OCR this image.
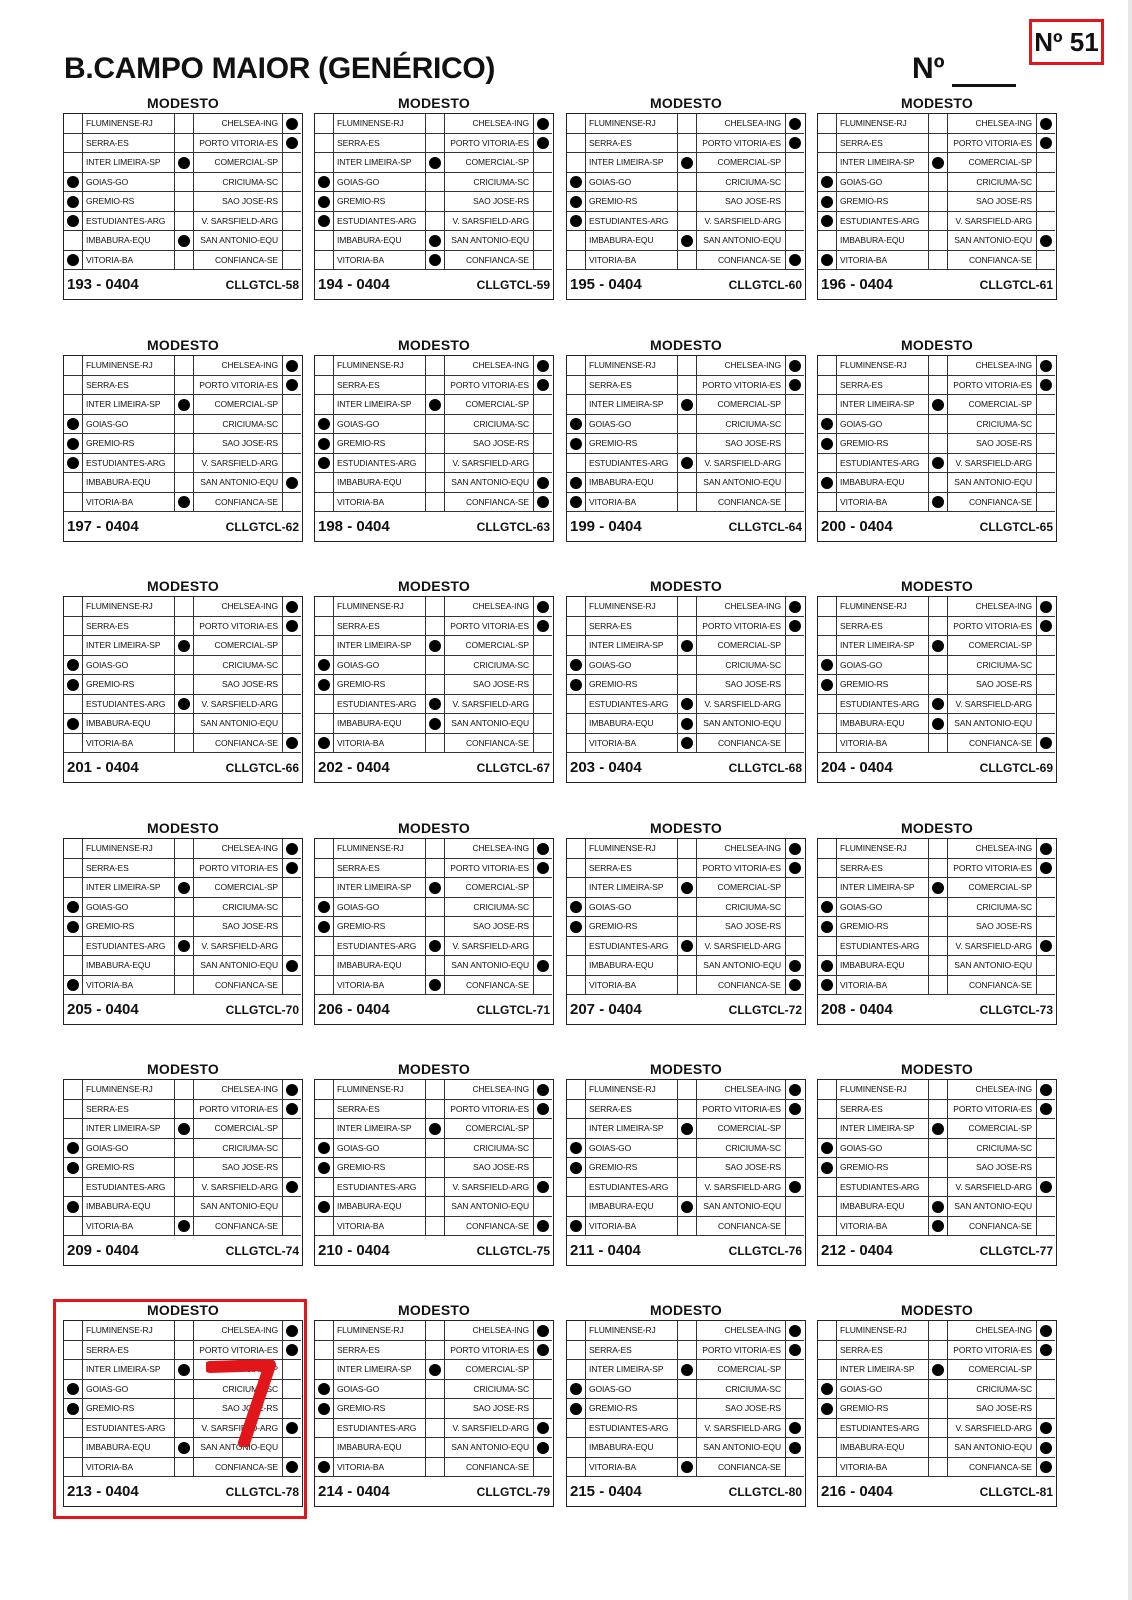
B.CAMPO MAIOR (GENÉRICO)	Nº
Nº 51
MODESTO
FLUMINENSE-RJ	CHELSEA-ING
SERRA-ES	PORTO VITORIA-ES
INTER LIMEIRA-SP	COMERCIAL-SP
GOIAS-GO	CRICIUMA-SC
GREMIO-RS	SAO JOSE-RS
ESTUDIANTES-ARG	V. SARSFIELD-ARG
IMBABURA-EQU	SAN ANTONIO-EQU
VITORIA-BA	CONFIANCA-SE
193 - 0404	CLLGTCL-58
MODESTO
FLUMINENSE-RJ	CHELSEA-ING
SERRA-ES	PORTO VITORIA-ES
INTER LIMEIRA-SP	COMERCIAL-SP
GOIAS-GO	CRICIUMA-SC
GREMIO-RS	SAO JOSE-RS
ESTUDIANTES-ARG	V. SARSFIELD-ARG
IMBABURA-EQU	SAN ANTONIO-EQU
VITORIA-BA	CONFIANCA-SE
194 - 0404	CLLGTCL-59
MODESTO
FLUMINENSE-RJ	CHELSEA-ING
SERRA-ES	PORTO VITORIA-ES
INTER LIMEIRA-SP	COMERCIAL-SP
GOIAS-GO	CRICIUMA-SC
GREMIO-RS	SAO JOSE-RS
ESTUDIANTES-ARG	V. SARSFIELD-ARG
IMBABURA-EQU	SAN ANTONIO-EQU
VITORIA-BA	CONFIANCA-SE
195 - 0404	CLLGTCL-60
MODESTO
FLUMINENSE-RJ	CHELSEA-ING
SERRA-ES	PORTO VITORIA-ES
INTER LIMEIRA-SP	COMERCIAL-SP
GOIAS-GO	CRICIUMA-SC
GREMIO-RS	SAO JOSE-RS
ESTUDIANTES-ARG	V. SARSFIELD-ARG
IMBABURA-EQU	SAN ANTONIO-EQU
VITORIA-BA	CONFIANCA-SE
196 - 0404	CLLGTCL-61
MODESTO
FLUMINENSE-RJ	CHELSEA-ING
SERRA-ES	PORTO VITORIA-ES
INTER LIMEIRA-SP	COMERCIAL-SP
GOIAS-GO	CRICIUMA-SC
GREMIO-RS	SAO JOSE-RS
ESTUDIANTES-ARG	V. SARSFIELD-ARG
IMBABURA-EQU	SAN ANTONIO-EQU
VITORIA-BA	CONFIANCA-SE
197 - 0404	CLLGTCL-62
MODESTO
FLUMINENSE-RJ	CHELSEA-ING
SERRA-ES	PORTO VITORIA-ES
INTER LIMEIRA-SP	COMERCIAL-SP
GOIAS-GO	CRICIUMA-SC
GREMIO-RS	SAO JOSE-RS
ESTUDIANTES-ARG	V. SARSFIELD-ARG
IMBABURA-EQU	SAN ANTONIO-EQU
VITORIA-BA	CONFIANCA-SE
198 - 0404	CLLGTCL-63
MODESTO
FLUMINENSE-RJ	CHELSEA-ING
SERRA-ES	PORTO VITORIA-ES
INTER LIMEIRA-SP	COMERCIAL-SP
GOIAS-GO	CRICIUMA-SC
GREMIO-RS	SAO JOSE-RS
ESTUDIANTES-ARG	V. SARSFIELD-ARG
IMBABURA-EQU	SAN ANTONIO-EQU
VITORIA-BA	CONFIANCA-SE
199 - 0404	CLLGTCL-64
MODESTO
FLUMINENSE-RJ	CHELSEA-ING
SERRA-ES	PORTO VITORIA-ES
INTER LIMEIRA-SP	COMERCIAL-SP
GOIAS-GO	CRICIUMA-SC
GREMIO-RS	SAO JOSE-RS
ESTUDIANTES-ARG	V. SARSFIELD-ARG
IMBABURA-EQU	SAN ANTONIO-EQU
VITORIA-BA	CONFIANCA-SE
200 - 0404	CLLGTCL-65
MODESTO
FLUMINENSE-RJ	CHELSEA-ING
SERRA-ES	PORTO VITORIA-ES
INTER LIMEIRA-SP	COMERCIAL-SP
GOIAS-GO	CRICIUMA-SC
GREMIO-RS	SAO JOSE-RS
ESTUDIANTES-ARG	V. SARSFIELD-ARG
IMBABURA-EQU	SAN ANTONIO-EQU
VITORIA-BA	CONFIANCA-SE
201 - 0404	CLLGTCL-66
MODESTO
FLUMINENSE-RJ	CHELSEA-ING
SERRA-ES	PORTO VITORIA-ES
INTER LIMEIRA-SP	COMERCIAL-SP
GOIAS-GO	CRICIUMA-SC
GREMIO-RS	SAO JOSE-RS
ESTUDIANTES-ARG	V. SARSFIELD-ARG
IMBABURA-EQU	SAN ANTONIO-EQU
VITORIA-BA	CONFIANCA-SE
202 - 0404	CLLGTCL-67
MODESTO
FLUMINENSE-RJ	CHELSEA-ING
SERRA-ES	PORTO VITORIA-ES
INTER LIMEIRA-SP	COMERCIAL-SP
GOIAS-GO	CRICIUMA-SC
GREMIO-RS	SAO JOSE-RS
ESTUDIANTES-ARG	V. SARSFIELD-ARG
IMBABURA-EQU	SAN ANTONIO-EQU
VITORIA-BA	CONFIANCA-SE
203 - 0404	CLLGTCL-68
MODESTO
FLUMINENSE-RJ	CHELSEA-ING
SERRA-ES	PORTO VITORIA-ES
INTER LIMEIRA-SP	COMERCIAL-SP
GOIAS-GO	CRICIUMA-SC
GREMIO-RS	SAO JOSE-RS
ESTUDIANTES-ARG	V. SARSFIELD-ARG
IMBABURA-EQU	SAN ANTONIO-EQU
VITORIA-BA	CONFIANCA-SE
204 - 0404	CLLGTCL-69
MODESTO
FLUMINENSE-RJ	CHELSEA-ING
SERRA-ES	PORTO VITORIA-ES
INTER LIMEIRA-SP	COMERCIAL-SP
GOIAS-GO	CRICIUMA-SC
GREMIO-RS	SAO JOSE-RS
ESTUDIANTES-ARG	V. SARSFIELD-ARG
IMBABURA-EQU	SAN ANTONIO-EQU
VITORIA-BA	CONFIANCA-SE
205 - 0404	CLLGTCL-70
MODESTO
FLUMINENSE-RJ	CHELSEA-ING
SERRA-ES	PORTO VITORIA-ES
INTER LIMEIRA-SP	COMERCIAL-SP
GOIAS-GO	CRICIUMA-SC
GREMIO-RS	SAO JOSE-RS
ESTUDIANTES-ARG	V. SARSFIELD-ARG
IMBABURA-EQU	SAN ANTONIO-EQU
VITORIA-BA	CONFIANCA-SE
206 - 0404	CLLGTCL-71
MODESTO
FLUMINENSE-RJ	CHELSEA-ING
SERRA-ES	PORTO VITORIA-ES
INTER LIMEIRA-SP	COMERCIAL-SP
GOIAS-GO	CRICIUMA-SC
GREMIO-RS	SAO JOSE-RS
ESTUDIANTES-ARG	V. SARSFIELD-ARG
IMBABURA-EQU	SAN ANTONIO-EQU
VITORIA-BA	CONFIANCA-SE
207 - 0404	CLLGTCL-72
MODESTO
FLUMINENSE-RJ	CHELSEA-ING
SERRA-ES	PORTO VITORIA-ES
INTER LIMEIRA-SP	COMERCIAL-SP
GOIAS-GO	CRICIUMA-SC
GREMIO-RS	SAO JOSE-RS
ESTUDIANTES-ARG	V. SARSFIELD-ARG
IMBABURA-EQU	SAN ANTONIO-EQU
VITORIA-BA	CONFIANCA-SE
208 - 0404	CLLGTCL-73
MODESTO
FLUMINENSE-RJ	CHELSEA-ING
SERRA-ES	PORTO VITORIA-ES
INTER LIMEIRA-SP	COMERCIAL-SP
GOIAS-GO	CRICIUMA-SC
GREMIO-RS	SAO JOSE-RS
ESTUDIANTES-ARG	V. SARSFIELD-ARG
IMBABURA-EQU	SAN ANTONIO-EQU
VITORIA-BA	CONFIANCA-SE
209 - 0404	CLLGTCL-74
MODESTO
FLUMINENSE-RJ	CHELSEA-ING
SERRA-ES	PORTO VITORIA-ES
INTER LIMEIRA-SP	COMERCIAL-SP
GOIAS-GO	CRICIUMA-SC
GREMIO-RS	SAO JOSE-RS
ESTUDIANTES-ARG	V. SARSFIELD-ARG
IMBABURA-EQU	SAN ANTONIO-EQU
VITORIA-BA	CONFIANCA-SE
210 - 0404	CLLGTCL-75
MODESTO
FLUMINENSE-RJ	CHELSEA-ING
SERRA-ES	PORTO VITORIA-ES
INTER LIMEIRA-SP	COMERCIAL-SP
GOIAS-GO	CRICIUMA-SC
GREMIO-RS	SAO JOSE-RS
ESTUDIANTES-ARG	V. SARSFIELD-ARG
IMBABURA-EQU	SAN ANTONIO-EQU
VITORIA-BA	CONFIANCA-SE
211 - 0404	CLLGTCL-76
MODESTO
FLUMINENSE-RJ	CHELSEA-ING
SERRA-ES	PORTO VITORIA-ES
INTER LIMEIRA-SP	COMERCIAL-SP
GOIAS-GO	CRICIUMA-SC
GREMIO-RS	SAO JOSE-RS
ESTUDIANTES-ARG	V. SARSFIELD-ARG
IMBABURA-EQU	SAN ANTONIO-EQU
VITORIA-BA	CONFIANCA-SE
212 - 0404	CLLGTCL-77
MODESTO
FLUMINENSE-RJ	CHELSEA-ING
SERRA-ES	PORTO VITORIA-ES
INTER LIMEIRA-SP	COMERCIAL-SP
GOIAS-GO	CRICIUMA-SC
GREMIO-RS	SAO JOSE-RS
ESTUDIANTES-ARG	V. SARSFIELD-ARG
IMBABURA-EQU	SAN ANTONIO-EQU
VITORIA-BA	CONFIANCA-SE
213 - 0404	CLLGTCL-78
MODESTO
FLUMINENSE-RJ	CHELSEA-ING
SERRA-ES	PORTO VITORIA-ES
INTER LIMEIRA-SP	COMERCIAL-SP
GOIAS-GO	CRICIUMA-SC
GREMIO-RS	SAO JOSE-RS
ESTUDIANTES-ARG	V. SARSFIELD-ARG
IMBABURA-EQU	SAN ANTONIO-EQU
VITORIA-BA	CONFIANCA-SE
214 - 0404	CLLGTCL-79
MODESTO
FLUMINENSE-RJ	CHELSEA-ING
SERRA-ES	PORTO VITORIA-ES
INTER LIMEIRA-SP	COMERCIAL-SP
GOIAS-GO	CRICIUMA-SC
GREMIO-RS	SAO JOSE-RS
ESTUDIANTES-ARG	V. SARSFIELD-ARG
IMBABURA-EQU	SAN ANTONIO-EQU
VITORIA-BA	CONFIANCA-SE
215 - 0404	CLLGTCL-80
MODESTO
FLUMINENSE-RJ	CHELSEA-ING
SERRA-ES	PORTO VITORIA-ES
INTER LIMEIRA-SP	COMERCIAL-SP
GOIAS-GO	CRICIUMA-SC
GREMIO-RS	SAO JOSE-RS
ESTUDIANTES-ARG	V. SARSFIELD-ARG
IMBABURA-EQU	SAN ANTONIO-EQU
VITORIA-BA	CONFIANCA-SE
216 - 0404	CLLGTCL-81
